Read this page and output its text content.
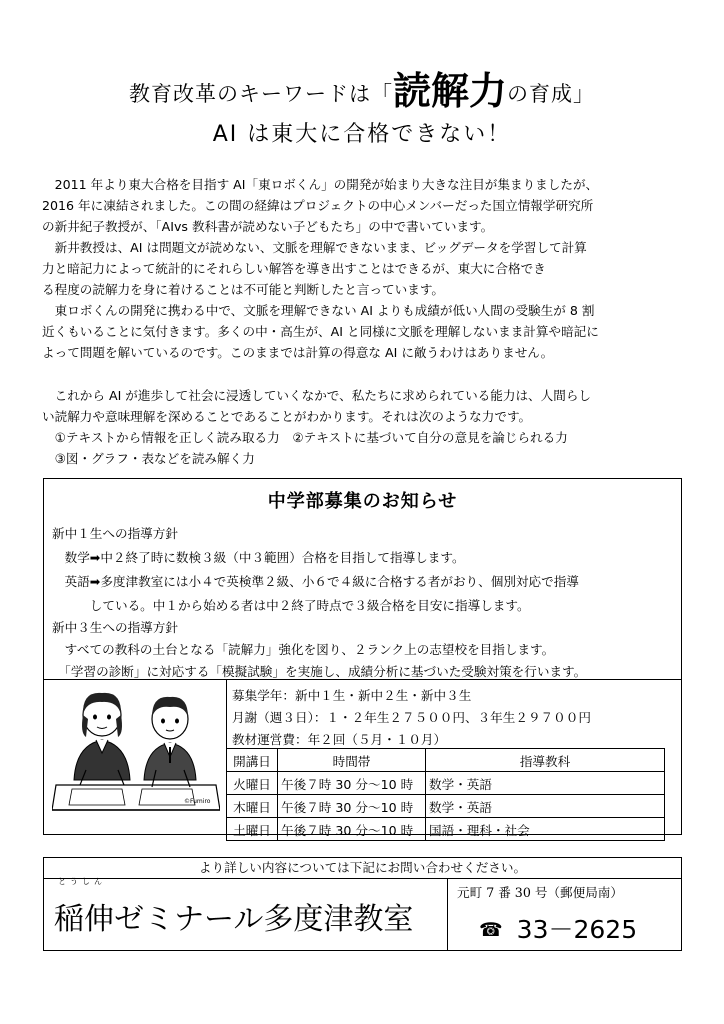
教育改革のキーワードは「読解力の育成」
AI は東大に合格できない！

　2011 年より東大合格を目指す AI「東ロボくん」の開発が始まり大きな注目が集まりましたが、

2016 年に凍結されました。この間の経緯はプロジェクトの中心メンバーだった国立情報学研究所

の新井紀子教授が、「AIvs 教科書が読めない子どもたち」の中で書いています。

　新井教授は、AI は問題文が読めない、文脈を理解できないまま、ビッグデータを学習して計算

力と暗記力によって統計的にそれらしい解答を導き出すことはできるが、東大に合格でき

る程度の読解力を身に着けることは不可能と判断したと言っています。

　東ロボくんの開発に携わる中で、文脈を理解できない AI よりも成績が低い人間の受験生が 8 割

近くもいることに気付きます。多くの中・高生が、AI と同様に文脈を理解しないまま計算や暗記に

よって問題を解いているのです。このままでは計算の得意な AI に敵うわけはありません。

　これから AI が進歩して社会に浸透していくなかで、私たちに求められている能力は、人間らし

い読解力や意味理解を深めることであることがわかります。それは次のような力です。

　①テキストから情報を正しく読み取る力　②テキストに基づいて自分の意見を論じられる力

　③図・グラフ・表などを読み解く力

中学部募集のお知らせ
新中１生への指導方針
　数学➡中２終了時に数検３級（中３範囲）合格を目指して指導します。
　英語➡多度津教室には小４で英検準２級、小６で４級に合格する者がおり、個別対応で指導
　　　している。中１から始める者は中２終了時点で３級合格を目安に指導します。
新中３生への指導方針
　すべての教科の土台となる「読解力」強化を図り、２ランク上の志望校を目指します。
　「学習の診断」に対応する「模擬試験」を実施し、成績分析に基づいた受験対策を行います。
©Fumiro
募集学年：新中１生・新中２生・新中３生
月謝（週３日）：１・２年生２７５００円、３年生２９７００円
教材運営費：年２回（５月・１０月）
開講日	時間帯	指導教科
火曜日	午後７時 30 分～10 時	数学・英語
木曜日	午後７時 30 分～10 時	数学・英語
土曜日	午後７時 30 分～10 時	国語・理科・社会
より詳しい内容については下記にお問い合わせください。
とうしん
稲伸ゼミナール多度津教室
元町 7 番 30 号（郵便局南）
☎ 33－2625
